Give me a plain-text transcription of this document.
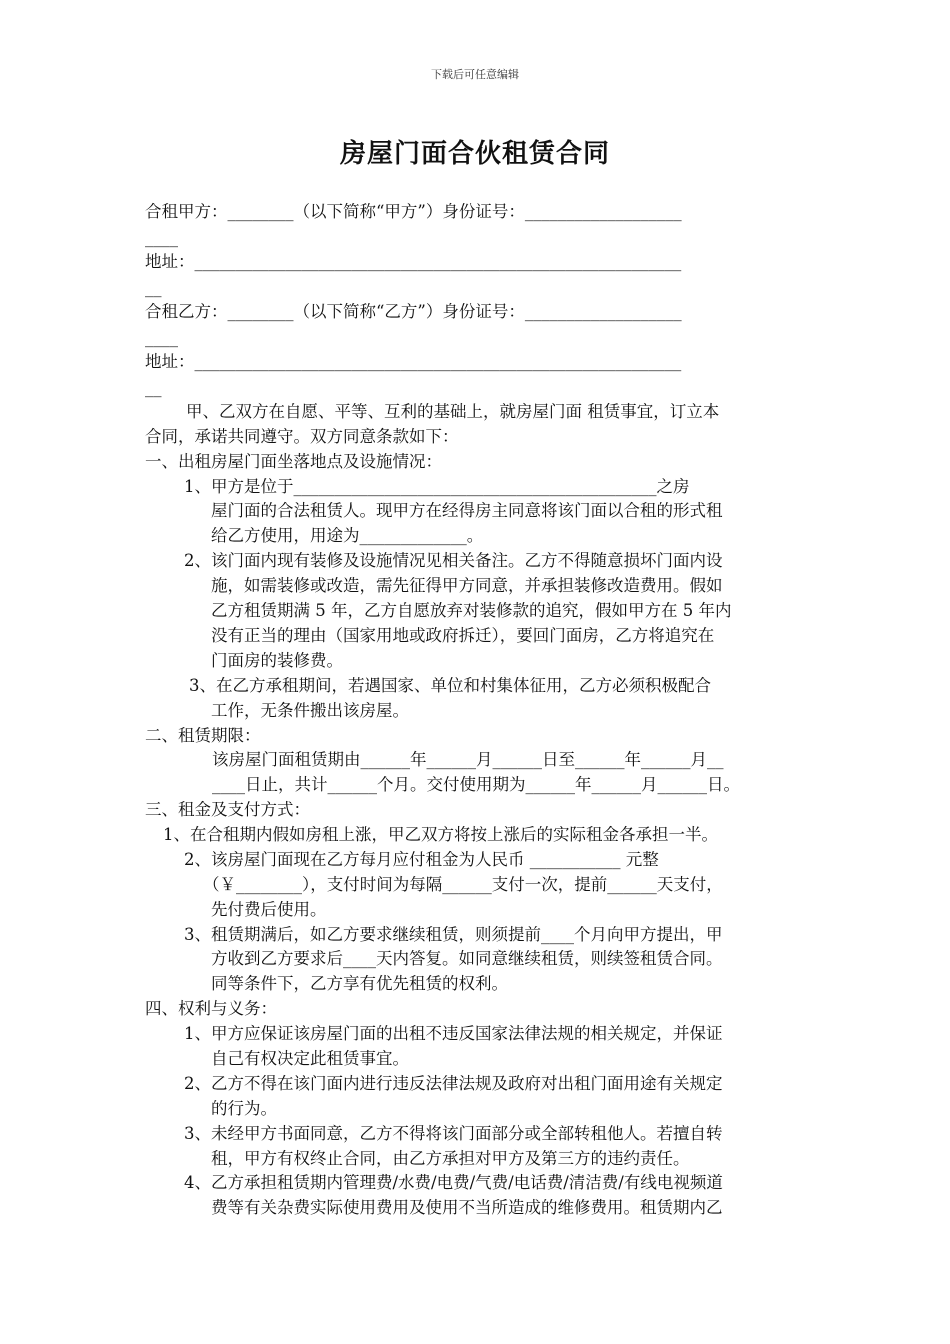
下载后可任意编辑
房屋门面合伙租赁合同
合租甲方：________（以下简称“甲方”）身份证号：___________________
____
地址：___________________________________________________________
__
合租乙方：________（以下简称“乙方”）身份证号：___________________
____
地址：___________________________________________________________
__
甲、乙双方在自愿、平等、互利的基础上，就房屋门面 租赁事宜，订立本
合同，承诺共同遵守。双方同意条款如下：
一、出租房屋门面坐落地点及设施情况：
1、甲方是位于____________________________________________之房
屋门面的合法租赁人。现甲方在经得房主同意将该门面以合租的形式租
给乙方使用，用途为_____________。
2、该门面内现有装修及设施情况见相关备注。乙方不得随意损坏门面内设
施，如需装修或改造，需先征得甲方同意，并承担装修改造费用。假如
乙方租赁期满 5 年，乙方自愿放弃对装修款的追究，假如甲方在 5 年内
没有正当的理由（国家用地或政府拆迁），要回门面房，乙方将追究在
门面房的装修费。
3、在乙方承租期间，若遇国家、单位和村集体征用，乙方必须积极配合
工作，无条件搬出该房屋。
二、租赁期限：
该房屋门面租赁期由______年______月______日至______年______月__
____日止，共计______个月。交付使用期为______年______月______日。
三、租金及支付方式：
1、在合租期内假如房租上涨，甲乙双方将按上涨后的实际租金各承担一半。
2、该房屋门面现在乙方每月应付租金为人民币 ___________ 元整
（￥________），支付时间为每隔______支付一次，提前______天支付，
先付费后使用。
3、租赁期满后，如乙方要求继续租赁，则须提前____个月向甲方提出，甲
方收到乙方要求后____天内答复。如同意继续租赁，则续签租赁合同。
同等条件下，乙方享有优先租赁的权利。
四、权利与义务：
1、甲方应保证该房屋门面的出租不违反国家法律法规的相关规定，并保证
自己有权决定此租赁事宜。
2、乙方不得在该门面内进行违反法律法规及政府对出租门面用途有关规定
的行为。
3、未经甲方书面同意，乙方不得将该门面部分或全部转租他人。若擅自转
租，甲方有权终止合同，由乙方承担对甲方及第三方的违约责任。
4、乙方承担租赁期内管理费/水费/电费/气费/电话费/清洁费/有线电视频道
费等有关杂费实际使用费用及使用不当所造成的维修费用。租赁期内乙
